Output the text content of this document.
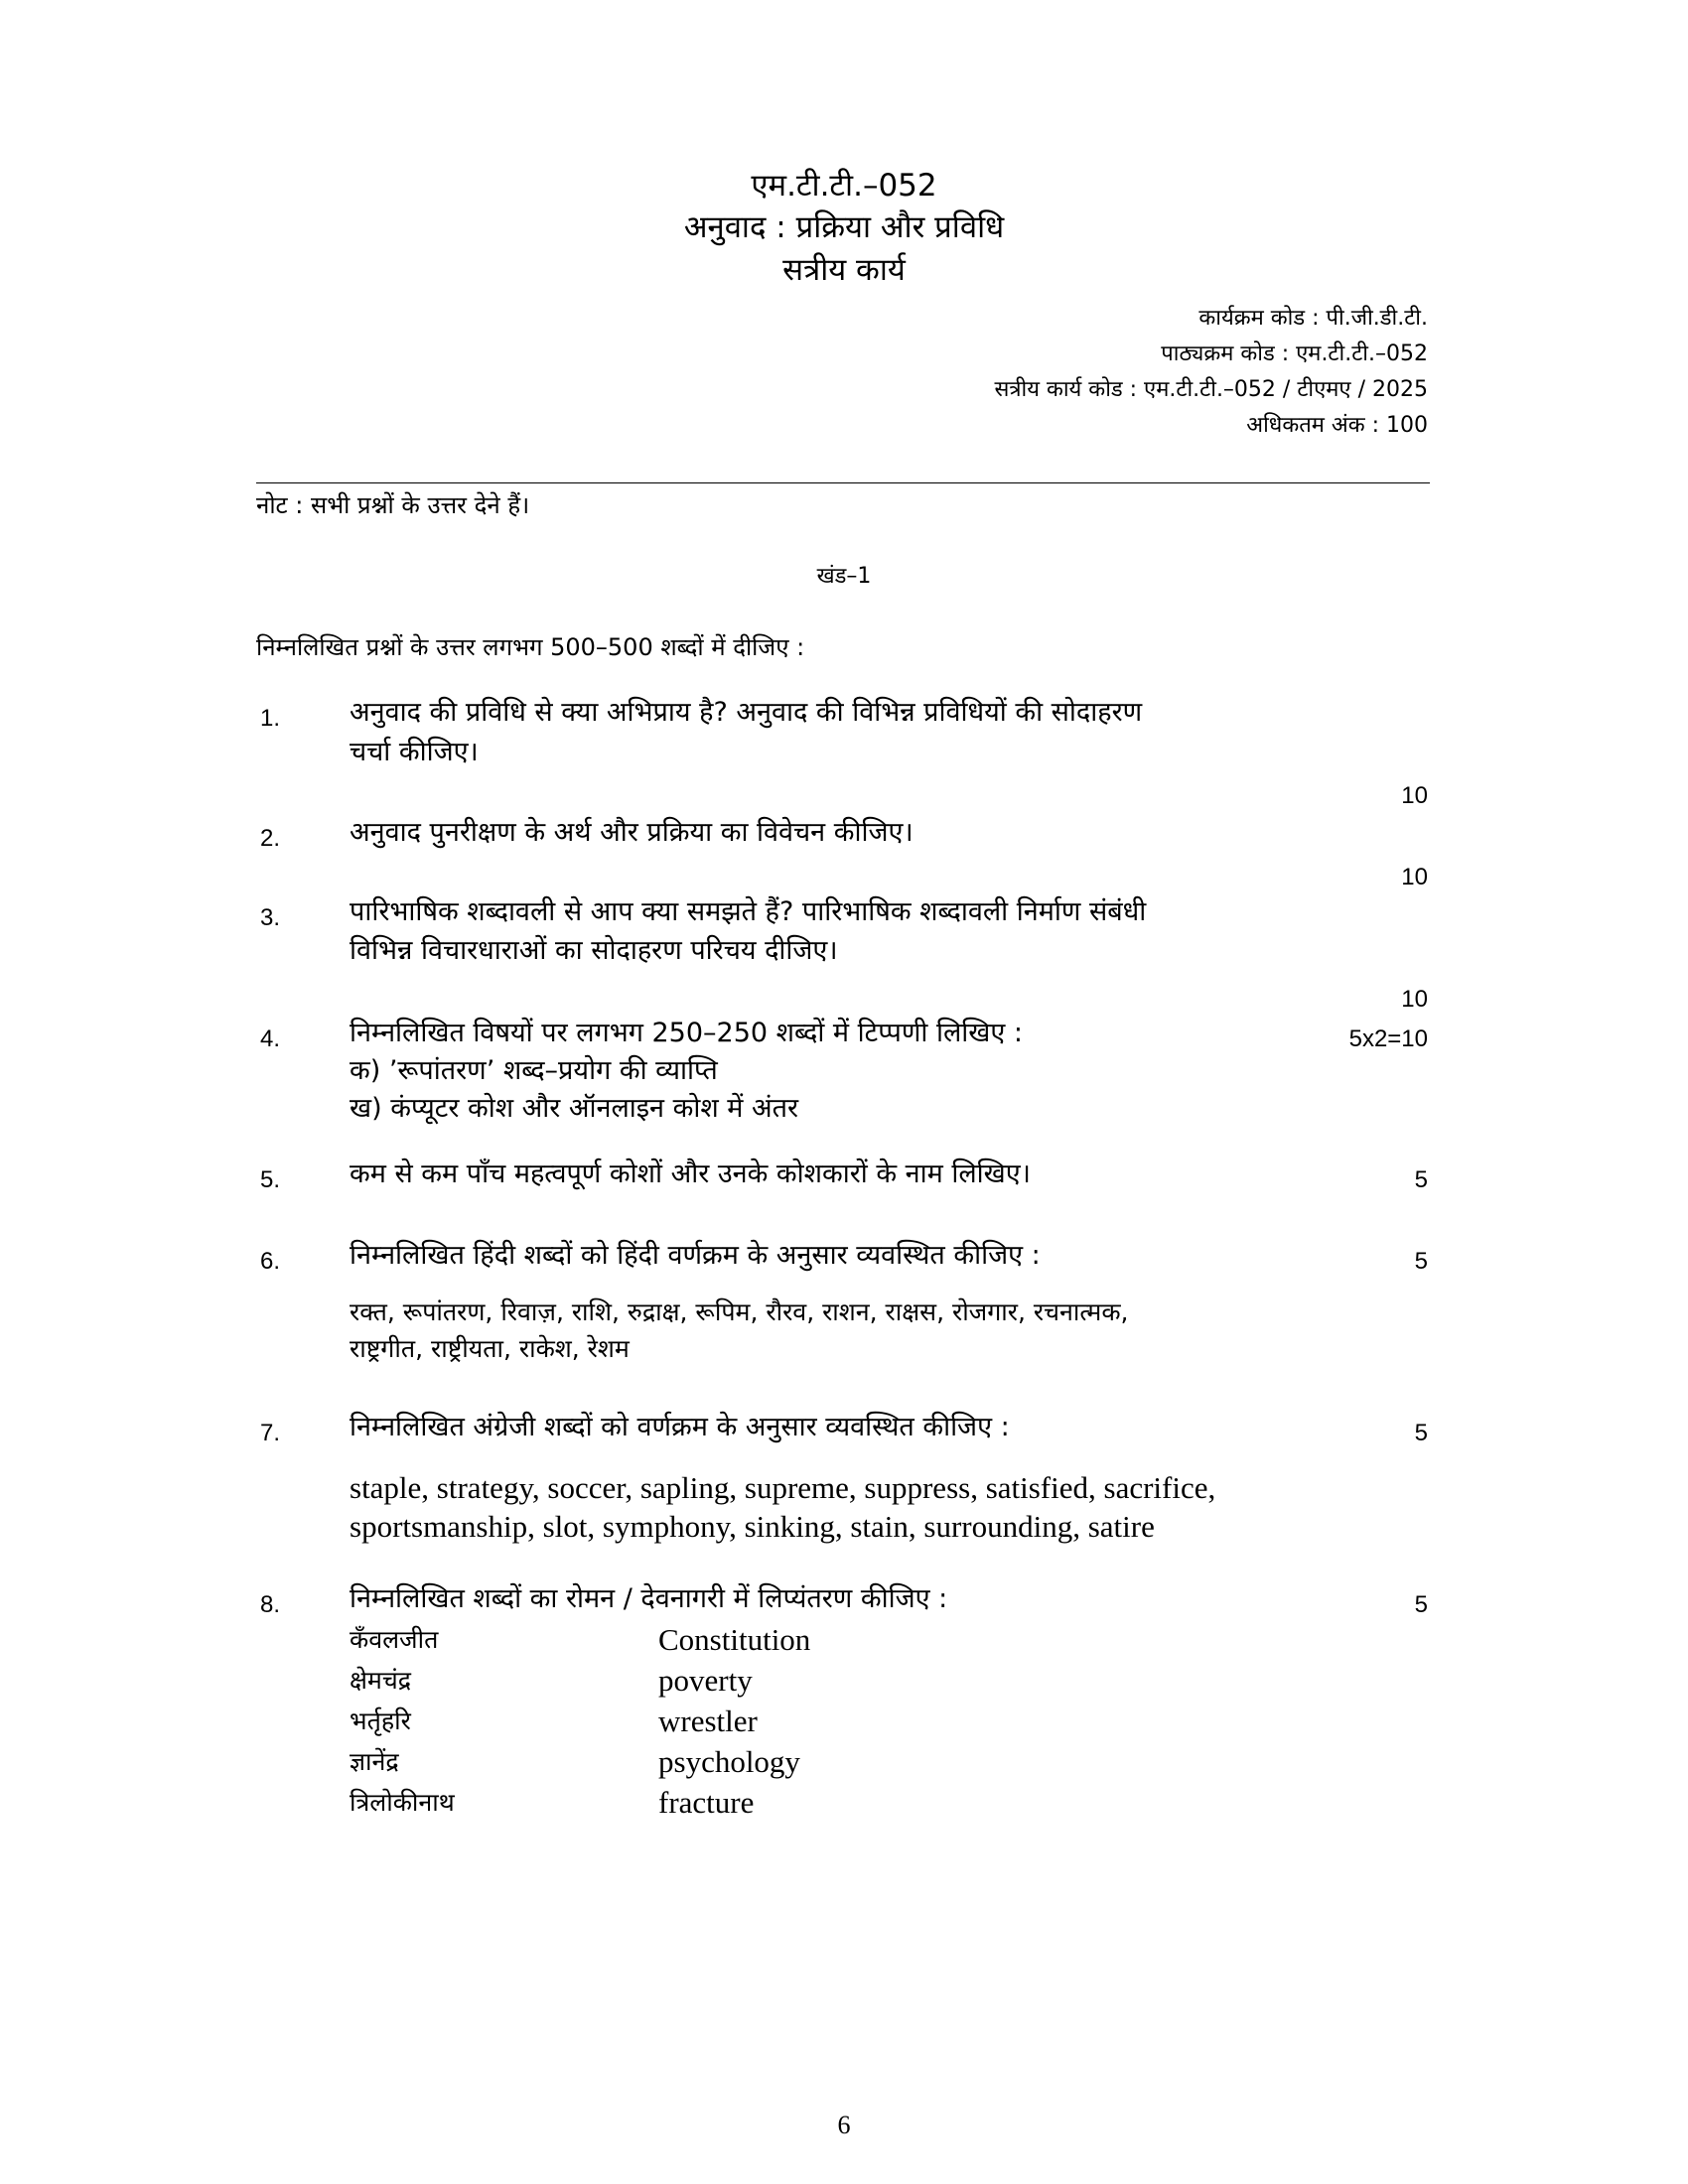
एम.टी.टी.–052
अनुवाद : प्रक्रिया और प्रविधि
सत्रीय कार्य
कार्यक्रम कोड : पी.जी.डी.टी.
पाठ्यक्रम कोड : एम.टी.टी.–052
सत्रीय कार्य कोड : एम.टी.टी.–052 / टीएमए / 2025
अधिकतम अंक : 100
नोट : सभी प्रश्नों के उत्तर देने हैं।
खंड–1
निम्नलिखित प्रश्नों के उत्तर लगभग 500–500 शब्दों में दीजिए :
1.	अनुवाद की प्रविधि से क्या अभिप्राय है? अनुवाद की विभिन्न प्रविधियों की सोदाहरण
चर्चा कीजिए।
10
2.	अनुवाद पुनरीक्षण के अर्थ और प्रक्रिया का विवेचन कीजिए।
10
3.	पारिभाषिक शब्दावली से आप क्या समझते हैं? पारिभाषिक शब्दावली निर्माण संबंधी
विभिन्न विचारधाराओं का सोदाहरण परिचय दीजिए।
10
4.	निम्नलिखित विषयों पर लगभग 250–250 शब्दों में टिप्पणी लिखिए :
क) ’रूपांतरण’ शब्द–प्रयोग की व्याप्ति
ख) कंप्यूटर कोश और ऑनलाइन कोश में अंतर
5x2=10
5.	कम से कम पाँच महत्वपूर्ण कोशों और उनके कोशकारों के नाम लिखिए।	5
6.	निम्नलिखित हिंदी शब्दों को हिंदी वर्णक्रम के अनुसार व्यवस्थित कीजिए :	5
रक्त, रूपांतरण, रिवाज़, राशि, रुद्राक्ष, रूपिम, रौरव, राशन, राक्षस, रोजगार, रचनात्मक,
राष्ट्रगीत, राष्ट्रीयता, राकेश, रेशम
7.	निम्नलिखित अंग्रेजी शब्दों को वर्णक्रम के अनुसार व्यवस्थित कीजिए :	5
staple, strategy, soccer, sapling, supreme, suppress, satisfied, sacrifice,
sportsmanship, slot, symphony, sinking, stain, surrounding, satire
8.	निम्नलिखित शब्दों का रोमन / देवनागरी में लिप्यंतरण कीजिए :	5
कँवलजीत	Constitution
क्षेमचंद्र	poverty
भर्तृहरि	wrestler
ज्ञानेंद्र	psychology
त्रिलोकीनाथ	fracture
6
